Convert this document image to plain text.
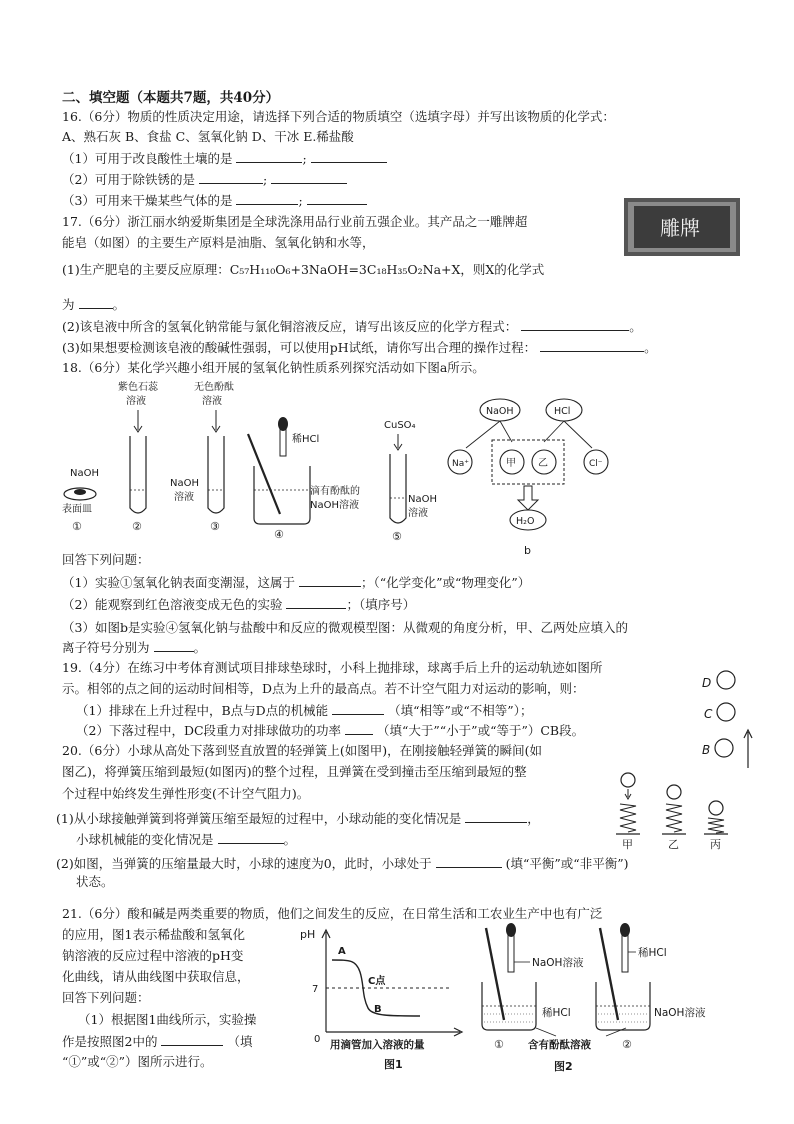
二、填空题（本题共7题，共40分）
16.（6分）物质的性质决定用途，请选择下列合适的物质填空（选填字母）并写出该物质的化学式：
A、熟石灰 B、食盐 C、氢氧化钠 D、干冰 E.稀盐酸
（1）可用于改良酸性土壤的是	;
（2）可用于除铁锈的是	;
（3）可用来干燥某些气体的是	;
17.（6分）浙江丽水纳爱斯集团是全球洗涤用品行业前五强企业。其产品之一雕牌超
能皂（如图）的主要生产原料是油脂、氢氧化钠和水等，
雕牌
(1)生产肥皂的主要反应原理：C₅₇H₁₁₀O₆+3NaOH=3C₁₈H₃₅O₂Na+X，则X的化学式
为	。
(2)该皂液中所含的氢氧化钠常能与氯化铜溶液反应，请写出该反应的化学方程式：	。
(3)如果想要检测该皂液的酸碱性强弱，可以使用pH试纸，请你写出合理的操作过程：	。
18.（6分）某化学兴趣小组开展的氢氧化钠性质系列探究活动如下图a所示。
NaOH
表面皿
①
紫色石蕊
溶液
②
无色酚酞
溶液
NaOH
溶液
③
稀HCl
滴有酚酞的
NaOH溶液
④
CuSO₄
NaOH
溶液
⑤
NaOH	HCl
Na⁺	甲 乙	Cl⁻
H₂O
b
回答下列问题：
（1）实验①氢氧化钠表面变潮湿，这属于	；（“化学变化”或“物理变化”）
（2）能观察到红色溶液变成无色的实验	；（填序号）
（3）如图b是实验④氢氧化钠与盐酸中和反应的微观模型图：从微观的角度分析，甲、乙两处应填入的
离子符号分别为	。
19.（4分）在练习中考体育测试项目排球垫球时，小科上抛排球，球离手后上升的运动轨迹如图所
示。相邻的点之间的运动时间相等，D点为上升的最高点。若不计空气阻力对运动的影响，则：
（1）排球在上升过程中，B点与D点的机械能	（填“相等”或“不相等”）；
（2）下落过程中，DC段重力对排球做功的功率	（填“大于”“小于”或“等于”）CB段。
D
C
B
20.（6分）小球从高处下落到竖直放置的轻弹簧上(如图甲)，在刚接触轻弹簧的瞬间(如
图乙)，将弹簧压缩到最短(如图丙)的整个过程，且弹簧在受到撞击至压缩到最短的整
个过程中始终发生弹性形变(不计空气阻力)。
(1)从小球接触弹簧到将弹簧压缩至最短的过程中，小球动能的变化情况是	，
小球机械能的变化情况是	。
(2)如图，当弹簧的压缩量最大时，小球的速度为0，此时，小球处于	(填“平衡”或“非平衡”)
状态。
甲	乙	丙
21.（6分）酸和碱是两类重要的物质，他们之间发生的反应，在日常生活和工农业生产中也有广泛
的应用，图1表示稀盐酸和氢氧化
钠溶液的反应过程中溶液的pH变
化曲线，请从曲线图中获取信息，
回答下列问题：
（1）根据图1曲线所示，实验操
作是按照图2中的	（填
“①”或“②”）图所示进行。
pH
A
C点
B
7
0 用滴管加入溶液的量
图1
NaOH溶液
稀HCl
① 含有酚酞溶液
稀HCl
NaOH溶液
②
图2
